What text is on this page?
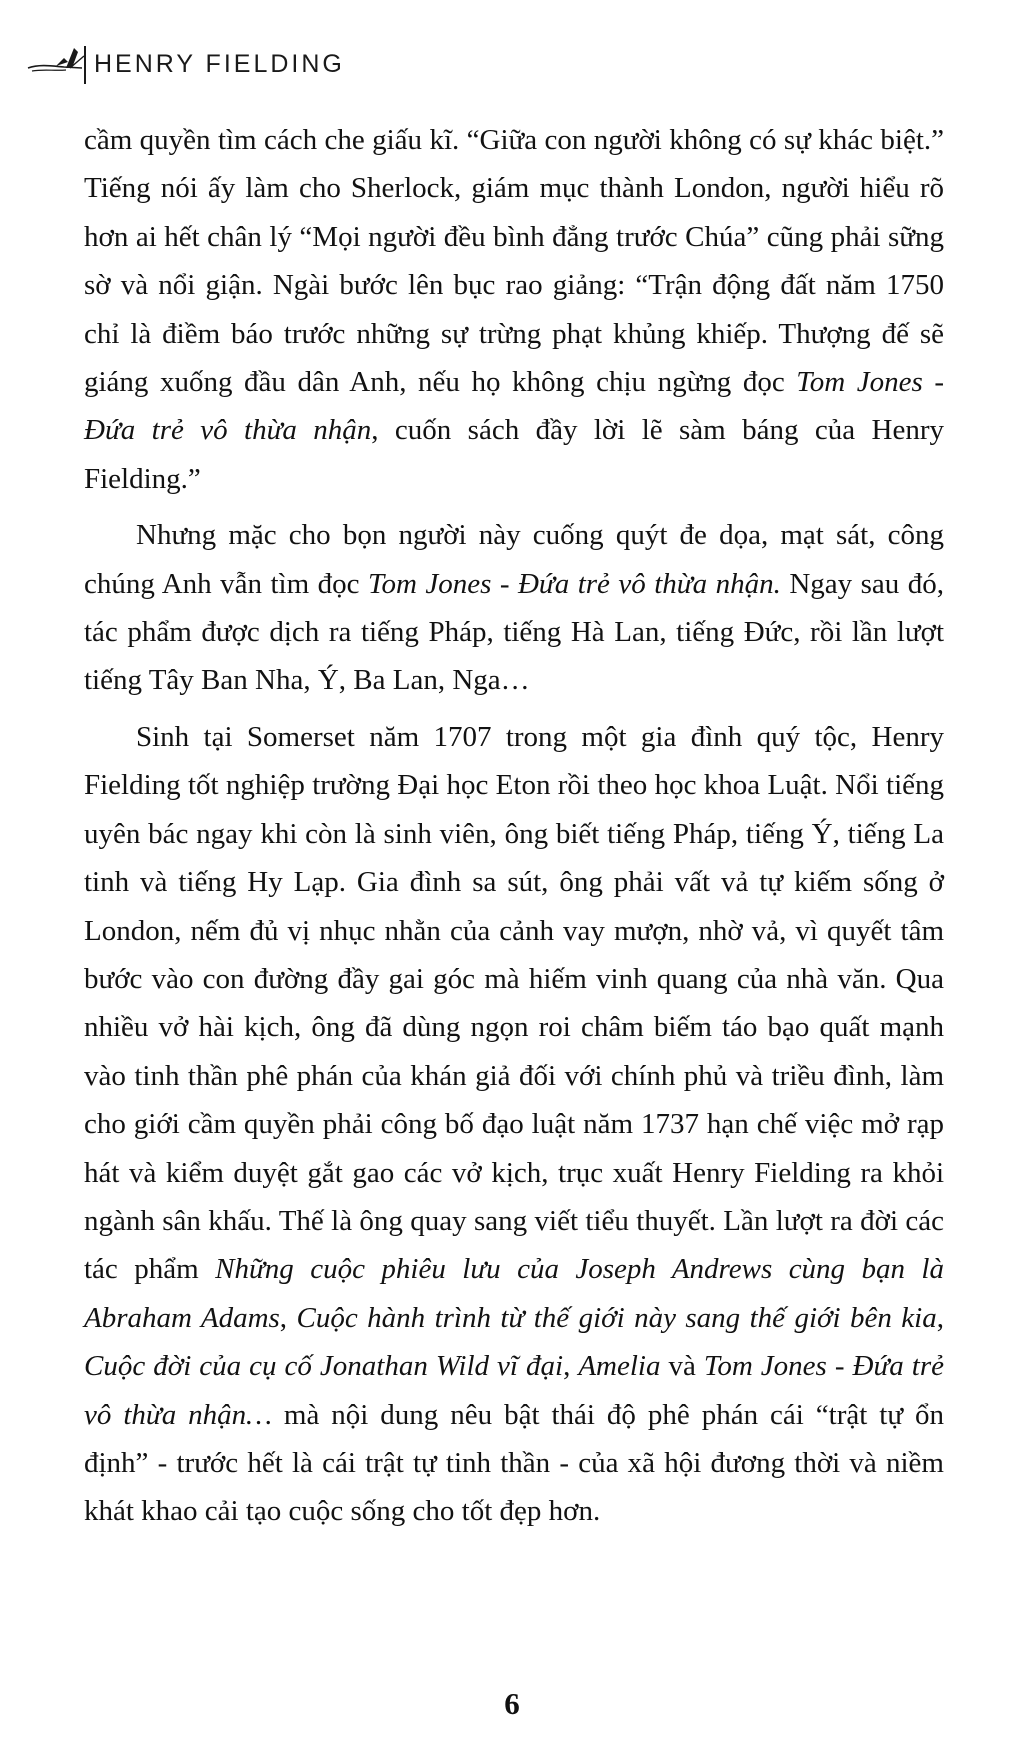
HENRY FIELDING

cầm quyền tìm cách che giấu kĩ. “Giữa con người không có sự khác biệt.” Tiếng nói ấy làm cho Sherlock, giám mục thành London, người hiểu rõ hơn ai hết chân lý “Mọi người đều bình đẳng trước Chúa” cũng phải sững sờ và nổi giận. Ngài bước lên bục rao giảng: “Trận động đất năm 1750 chỉ là điềm báo trước những sự trừng phạt khủng khiếp. Thượng đế sẽ giáng xuống đầu dân Anh, nếu họ không chịu ngừng đọc Tom Jones - Đứa trẻ vô thừa nhận, cuốn sách đầy lời lẽ sàm báng của Henry Fielding.”

Nhưng mặc cho bọn người này cuống quýt đe dọa, mạt sát, công chúng Anh vẫn tìm đọc Tom Jones - Đứa trẻ vô thừa nhận. Ngay sau đó, tác phẩm được dịch ra tiếng Pháp, tiếng Hà Lan, tiếng Đức, rồi lần lượt tiếng Tây Ban Nha, Ý, Ba Lan, Nga…

Sinh tại Somerset năm 1707 trong một gia đình quý tộc, Henry Fielding tốt nghiệp trường Đại học Eton rồi theo học khoa Luật. Nổi tiếng uyên bác ngay khi còn là sinh viên, ông biết tiếng Pháp, tiếng Ý, tiếng La tinh và tiếng Hy Lạp. Gia đình sa sút, ông phải vất vả tự kiếm sống ở London, nếm đủ vị nhục nhằn của cảnh vay mượn, nhờ vả, vì quyết tâm bước vào con đường đầy gai góc mà hiếm vinh quang của nhà văn. Qua nhiều vở hài kịch, ông đã dùng ngọn roi châm biếm táo bạo quất mạnh vào tinh thần phê phán của khán giả đối với chính phủ và triều đình, làm cho giới cầm quyền phải công bố đạo luật năm 1737 hạn chế việc mở rạp hát và kiểm duyệt gắt gao các vở kịch, trục xuất Henry Fielding ra khỏi ngành sân khấu. Thế là ông quay sang viết tiểu thuyết. Lần lượt ra đời các tác phẩm Những cuộc phiêu lưu của Joseph Andrews cùng bạn là Abraham Adams, Cuộc hành trình từ thế giới này sang thế giới bên kia, Cuộc đời của cụ cố Jonathan Wild vĩ đại, Amelia và Tom Jones - Đứa trẻ vô thừa nhận… mà nội dung nêu bật thái độ phê phán cái “trật tự ổn định” - trước hết là cái trật tự tinh thần - của xã hội đương thời và niềm khát khao cải tạo cuộc sống cho tốt đẹp hơn.

6
